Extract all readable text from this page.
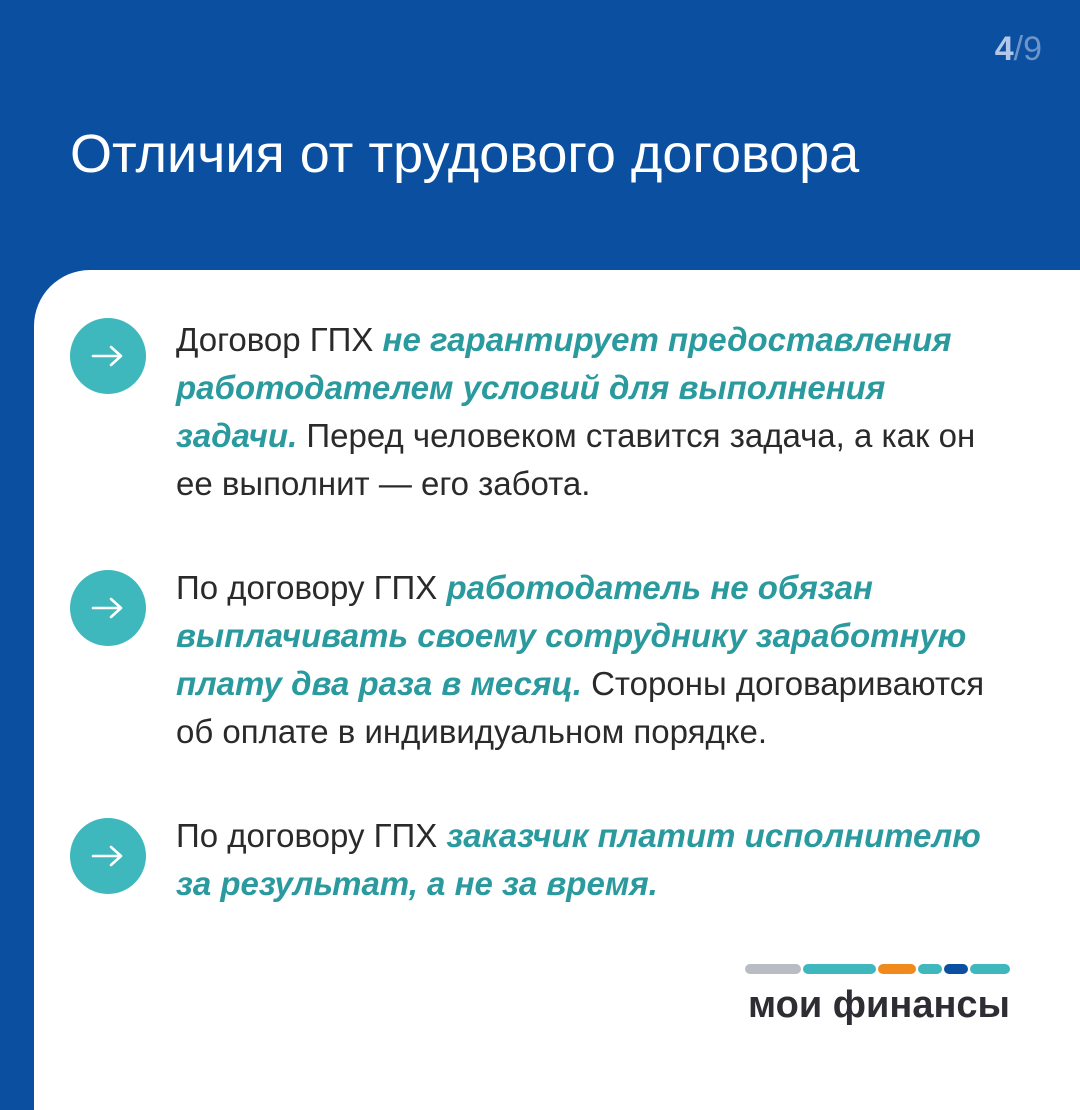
4/9
Отличия от трудового договора
Договор ГПХ не гарантирует предоставления работодателем условий для выполнения задачи. Перед человеком ставится задача, а как он ее выполнит — его забота.
По договору ГПХ работодатель не обязан выплачивать своему сотруднику заработную плату два раза в месяц. Стороны договариваются об оплате в индивидуальном порядке.
По договору ГПХ заказчик платит исполнителю за результат, а не за время.
мои финансы
